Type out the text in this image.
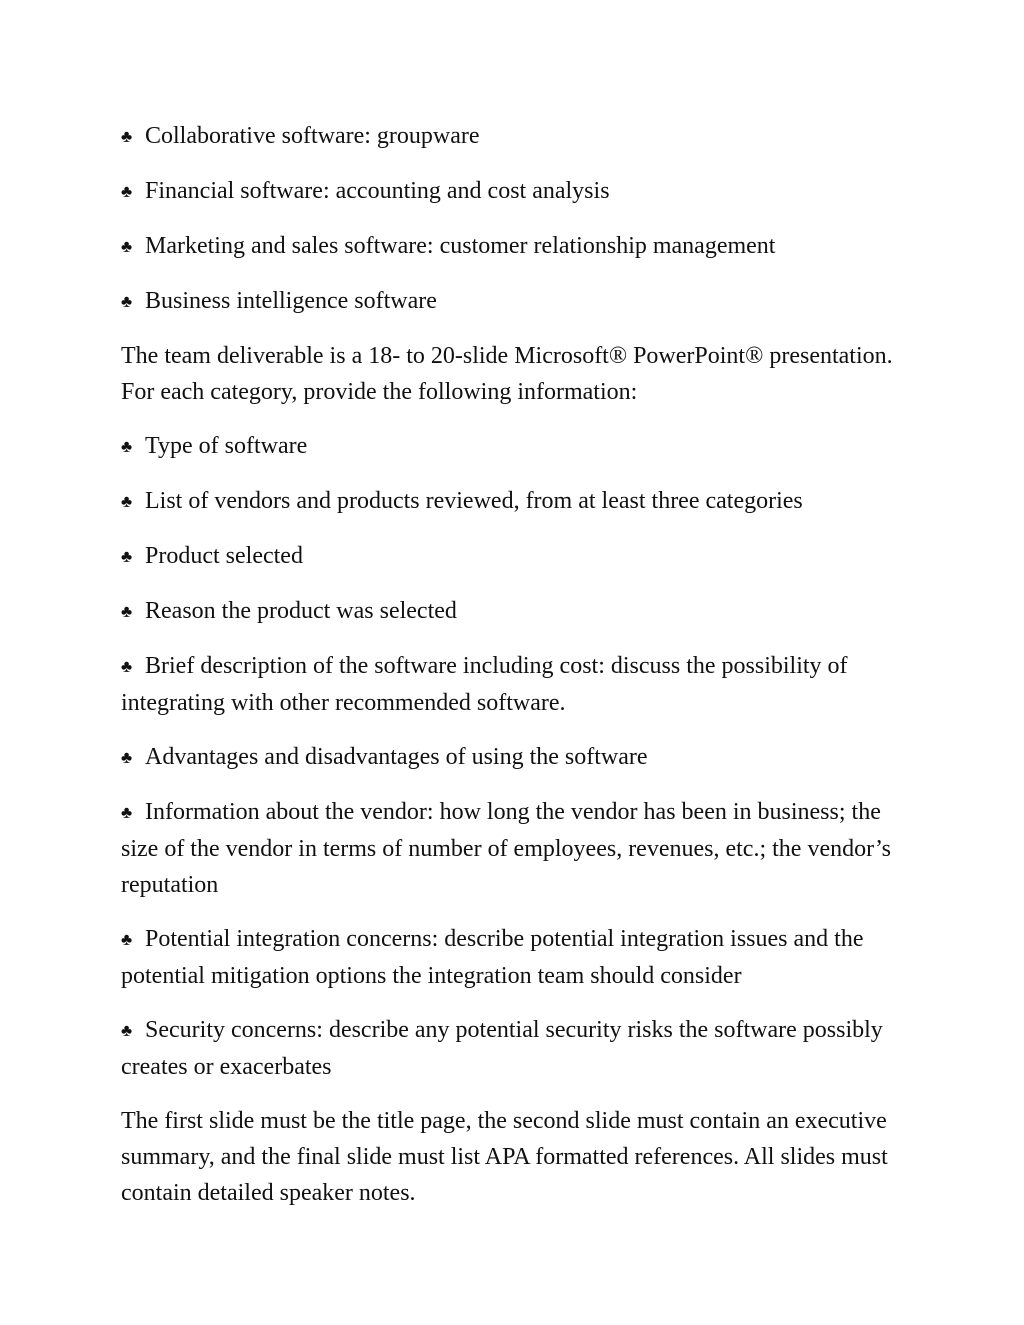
♣ Collaborative software: groupware

♣ Financial software: accounting and cost analysis

♣ Marketing and sales software: customer relationship management

♣ Business intelligence software

The team deliverable is a 18- to 20-slide Microsoft® PowerPoint® presentation. For each category, provide the following information:

♣ Type of software

♣ List of vendors and products reviewed, from at least three categories

♣ Product selected

♣ Reason the product was selected

♣ Brief description of the software including cost: discuss the possibility of integrating with other recommended software.

♣ Advantages and disadvantages of using the software

♣ Information about the vendor: how long the vendor has been in business; the size of the vendor in terms of number of employees, revenues, etc.; the vendor’s reputation

♣ Potential integration concerns: describe potential integration issues and the potential mitigation options the integration team should consider

♣ Security concerns: describe any potential security risks the software possibly creates or exacerbates

The first slide must be the title page, the second slide must contain an executive summary, and the final slide must list APA formatted references. All slides must contain detailed speaker notes.
